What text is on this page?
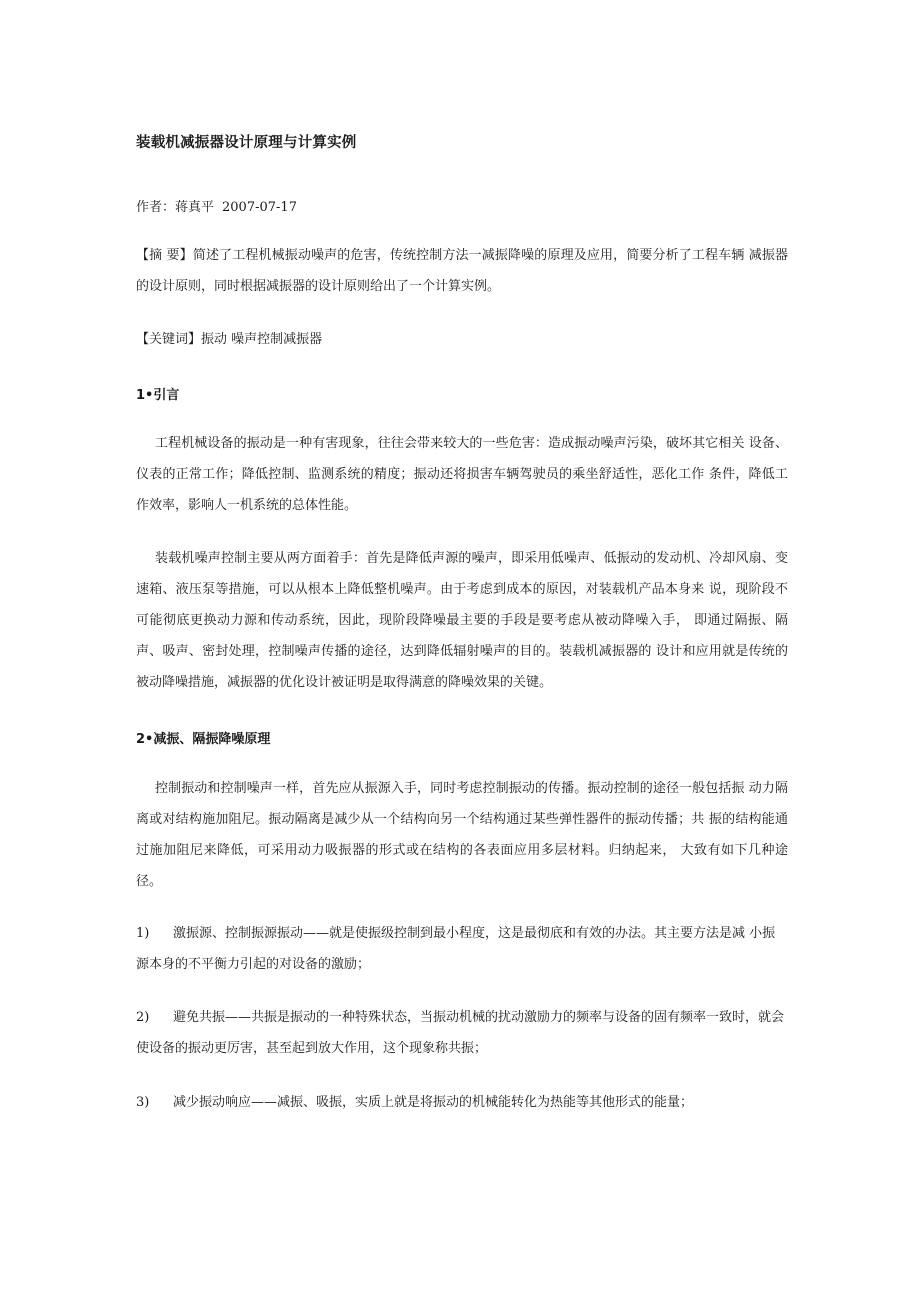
装载机减振器设计原理与计算实例
作者：蒋真平 2007-07-17

【摘 要】简述了工程机械振动噪声的危害，传统控制方法一减振降噪的原理及应用，简要分析了工程车辆 减振器的设计原则，同时根据减振器的设计原则给出了一个计算实例。

【关键词】振动 噪声控制减振器

1•引言

工程机械设备的振动是一种有害现象，往往会带来较大的一些危害：造成振动噪声污染，破坏其它相关 设备、仪表的正常工作；降低控制、监测系统的精度；振动还将损害车辆驾驶员的乘坐舒适性，恶化工作 条件，降低工作效率，影响人一机系统的总体性能。

装载机噪声控制主要从两方面着手：首先是降低声源的噪声，即采用低噪声、低振动的发动机、冷却风扇、变速箱、液压泵等措施，可以从根本上降低整机噪声。由于考虑到成本的原因，对装载机产品本身来 说，现阶段不可能彻底更换动力源和传动系统，因此，现阶段降噪最主要的手段是要考虑从被动降噪入手， 即通过隔振、隔声、吸声、密封处理，控制噪声传播的途径，达到降低辐射噪声的目的。装载机减振器的 设计和应用就是传统的被动降噪措施，减振器的优化设计被证明是取得满意的降噪效果的关键。

2•减振、隔振降噪原理

控制振动和控制噪声一样，首先应从振源入手，同时考虑控制振动的传播。振动控制的途径一般包括振 动力隔离或对结构施加阻尼。振动隔离是减少从一个结构向另一个结构通过某些弹性器件的振动传播；共 振的结构能通过施加阻尼来降低，可采用动力吸振器的形式或在结构的各表面应用多层材料。归纳起来， 大致有如下几种途径。

1) 激振源、控制振源振动——就是使振级控制到最小程度，这是最彻底和有效的办法。其主要方法是减 小振源本身的不平衡力引起的对设备的激励；

2) 避免共振——共振是振动的一种特殊状态，当振动机械的扰动激励力的频率与设备的固有频率一致时，就会使设备的振动更厉害，甚至起到放大作用，这个现象称共振；

3) 减少振动响应——减振、吸振，实质上就是将振动的机械能转化为热能等其他形式的能量；
